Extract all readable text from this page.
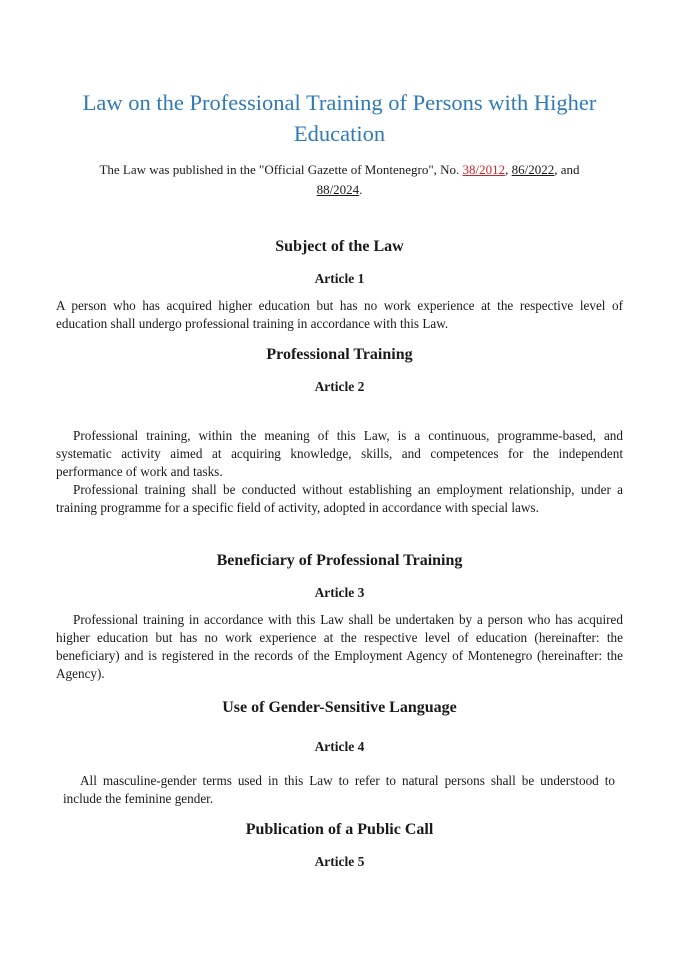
Law on the Professional Training of Persons with Higher Education

The Law was published in the "Official Gazette of Montenegro", No. 38/2012, 86/2022, and
88/2024.

Subject of the Law
Article 1

A person who has acquired higher education but has no work experience at the respective level of education shall undergo professional training in accordance with this Law.

Professional Training
Article 2

Professional training, within the meaning of this Law, is a continuous, programme-based, and systematic activity aimed at acquiring knowledge, skills, and competences for the independent performance of work and tasks.

Professional training shall be conducted without establishing an employment relationship, under a training programme for a specific field of activity, adopted in accordance with special laws.

Beneficiary of Professional Training
Article 3

Professional training in accordance with this Law shall be undertaken by a person who has acquired higher education but has no work experience at the respective level of education (hereinafter: the beneficiary) and is registered in the records of the Employment Agency of Montenegro (hereinafter: the Agency).

Use of Gender-Sensitive Language
Article 4

All masculine-gender terms used in this Law to refer to natural persons shall be understood to include the feminine gender.

Publication of a Public Call
Article 5
